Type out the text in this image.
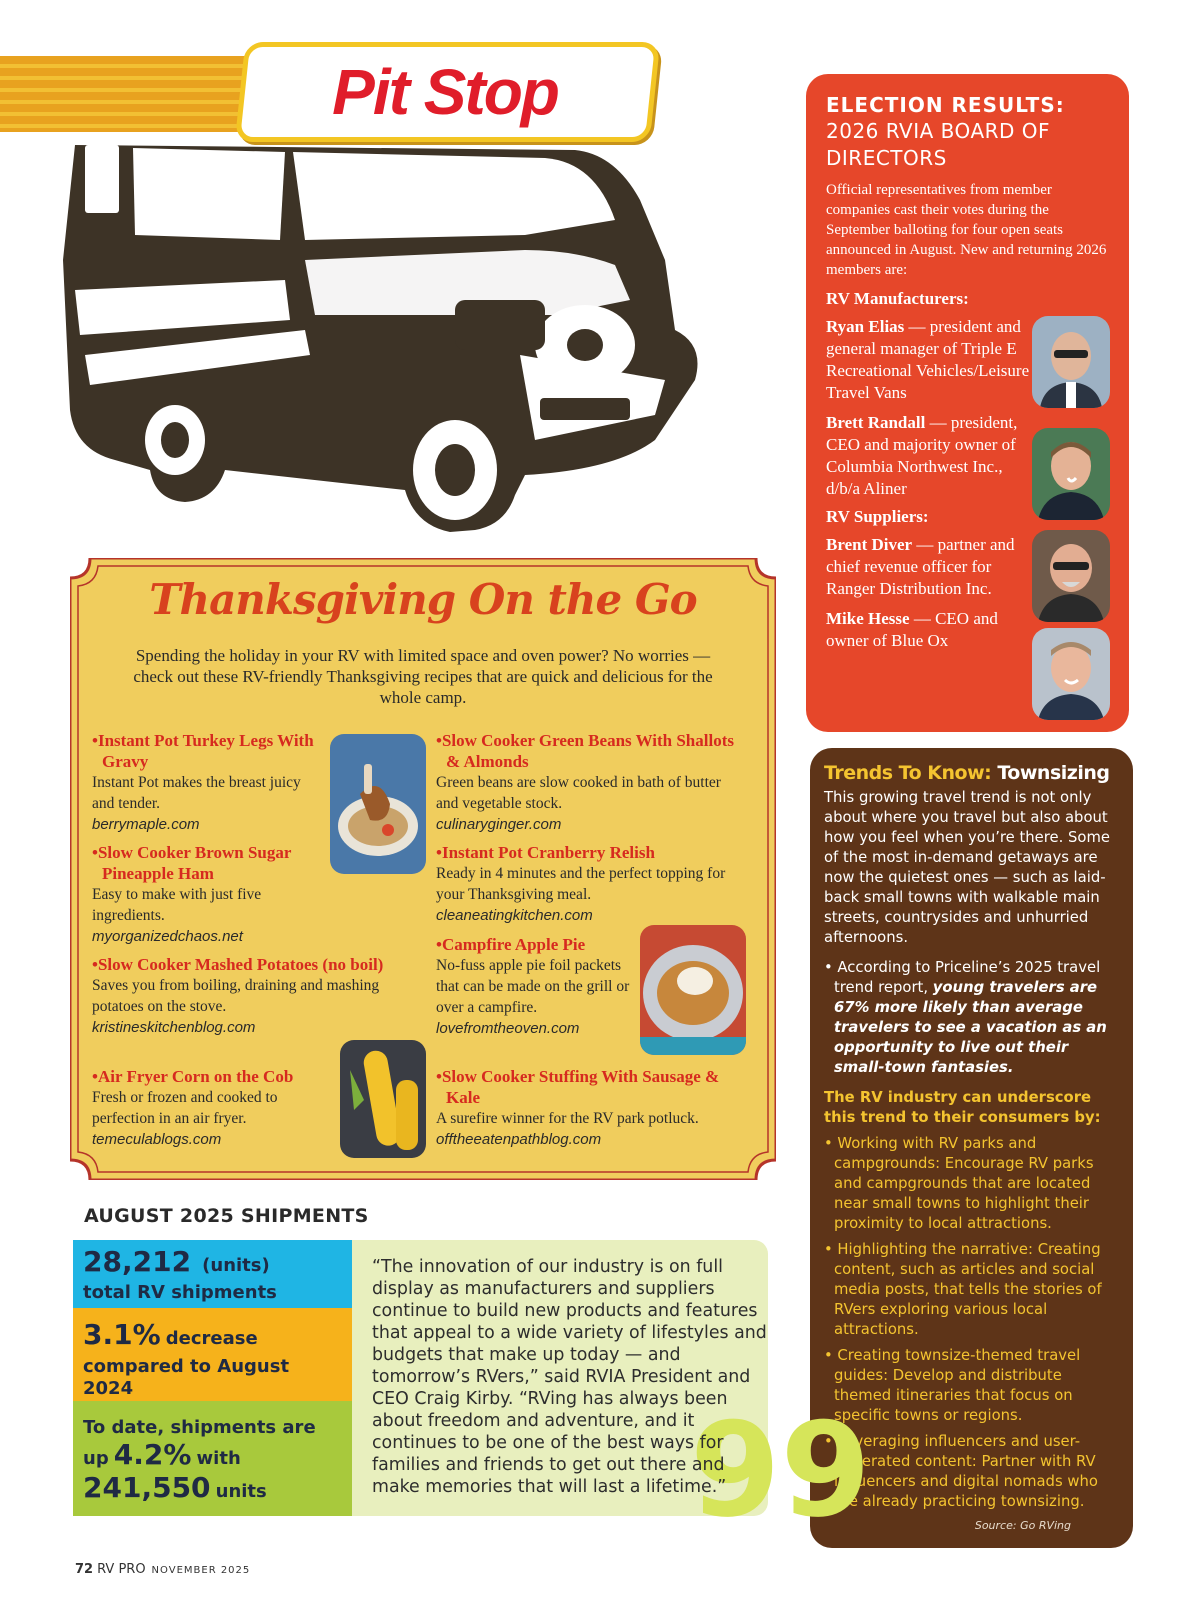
Pit Stop	ELECTION RESULTS:
2026 RVIA BOARD OF DIRECTORS
Official representatives from member companies cast their votes during the September balloting for four open seats announced in August. New and returning 2026 members are:
RV Manufacturers:
Ryan Elias — president and general manager of Triple E Recreational Vehicles/Leisure Travel Vans
Brett Randall — president, CEO and majority owner of Columbia Northwest Inc., d/b/a Aliner
RV Suppliers:
Brent Diver — partner and chief revenue officer for Ranger Distribution Inc.
Mike Hesse — CEO and owner of Blue Ox
Trends To Know: Townsizing
This growing travel trend is not only about where you travel but also about how you feel when you’re there. Some of the most in-demand getaways are now the quietest ones — such as laid-back small towns with walkable main streets, countrysides and unhurried afternoons.
• According to Priceline’s 2025 travel trend report, young travelers are 67% more likely than average travelers to see a vacation as an opportunity to live out their small-town fantasies.
The RV industry can underscore this trend to their consumers by:
• Working with RV parks and campgrounds: Encourage RV parks and campgrounds that are located near small towns to highlight their proximity to local attractions.
• Highlighting the narrative: Creating content, such as articles and social media posts, that tells the stories of RVers exploring various local attractions.
• Creating townsize-themed travel guides: Develop and distribute themed itineraries that focus on specific towns or regions.
• Leveraging influencers and user-generated content: Partner with RV influencers and digital nomads who are already practicing townsizing.
Source: Go RVing
Thanksgiving On the Go
Spending the holiday in your RV with limited space and oven power? No worries — check out these RV-friendly Thanksgiving recipes that are quick and delicious for the whole camp.
•Instant Pot Turkey Legs With Gravy
Instant Pot makes the breast juicy and tender.
berrymaple.com
•Slow Cooker Brown Sugar Pineapple Ham
Easy to make with just five ingredients.
myorganizedchaos.net
•Slow Cooker Mashed Potatoes (no boil)
Saves you from boiling, draining and mashing potatoes on the stove.
kristineskitchenblog.com
•Air Fryer Corn on the Cob
Fresh or frozen and cooked to perfection in an air fryer.
temeculablogs.com
•Slow Cooker Green Beans With Shallots & Almonds
Green beans are slow cooked in bath of butter and vegetable stock.
culinaryginger.com
•Instant Pot Cranberry Relish
Ready in 4 minutes and the perfect topping for your Thanksgiving meal.
cleaneatingkitchen.com
•Campfire Apple Pie
No-fuss apple pie foil packets that can be made on the grill or over a campfire.
lovefromtheoven.com
•Slow Cooker Stuffing With Sausage & Kale
A surefire winner for the RV park potluck.
offtheeatenpathblog.com
AUGUST 2025 SHIPMENTS
28,212 (units)
total RV shipments
3.1% decrease
compared to August 2024
To date, shipments are
up 4.2% with
241,550 units	99
“The innovation of our industry is on full display as manufacturers and suppliers continue to build new products and features that appeal to a wide variety of lifestyles and budgets that make up today — and tomorrow’s RVers,” said RVIA President and CEO Craig Kirby. “RVing has always been about freedom and adventure, and it continues to be one of the best ways for families and friends to get out there and make memories that will last a lifetime.”
72 RV PRO NOVEMBER 2025
